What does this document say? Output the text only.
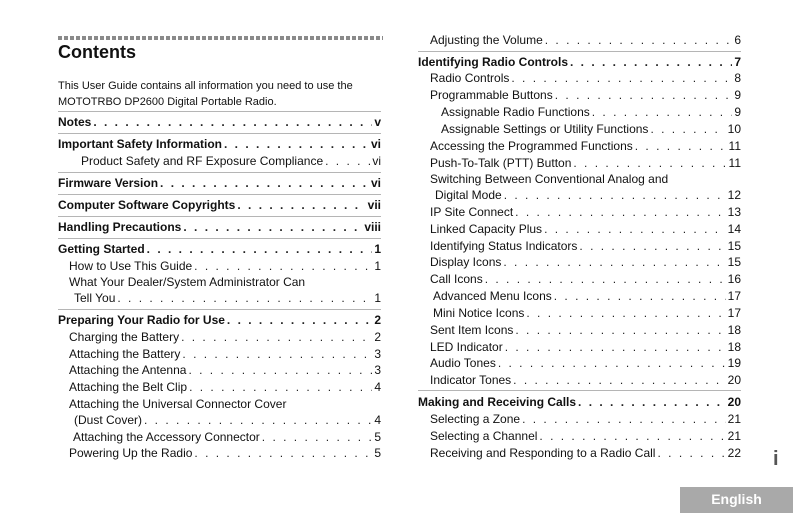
Contents
This User Guide contains all information you need to use the MOTOTRBO DP2600 Digital Portable Radio.
Notes . . .	v
Important Safety Information . . .	vi
Product Safety and RF Exposure Compliance . . .	vi
Firmware Version . . .	vi
Computer Software Copyrights . . .	vii
Handling Precautions . . .	viii
Getting Started . . .	1
How to Use This Guide . . .	1
What Your Dealer/System Administrator Can
Tell You . . .	1
Preparing Your Radio for Use . . .	2
Charging the Battery . . .	2
Attaching the Battery . . .	3
Attaching the Antenna . . .	3
Attaching the Belt Clip . . .	4
Attaching the Universal Connector Cover
(Dust Cover) . . .	4
Attaching the Accessory Connector . . .	5
Powering Up the Radio . . .	5
Adjusting the Volume . . .	6
Identifying Radio Controls . . .	7
Radio Controls . . .	8
Programmable Buttons . . .	9
Assignable Radio Functions . . .	9
Assignable Settings or Utility Functions . . .	10
Accessing the Programmed Functions . . .	11
Push-To-Talk (PTT) Button . . .	11
Switching Between Conventional Analog and
Digital Mode . . .	12
IP Site Connect . . .	13
Linked Capacity Plus . . .	14
Identifying Status Indicators . . .	15
Display Icons . . .	15
Call Icons . . .	16
Advanced Menu Icons . . .	17
Mini Notice Icons . . .	17
Sent Item Icons . . .	18
LED Indicator . . .	18
Audio Tones . . .	19
Indicator Tones . . .	20
Making and Receiving Calls . . .	20
Selecting a Zone . . .	21
Selecting a Channel . . .	21
Receiving and Responding to a Radio Call . . .	22 i
English
